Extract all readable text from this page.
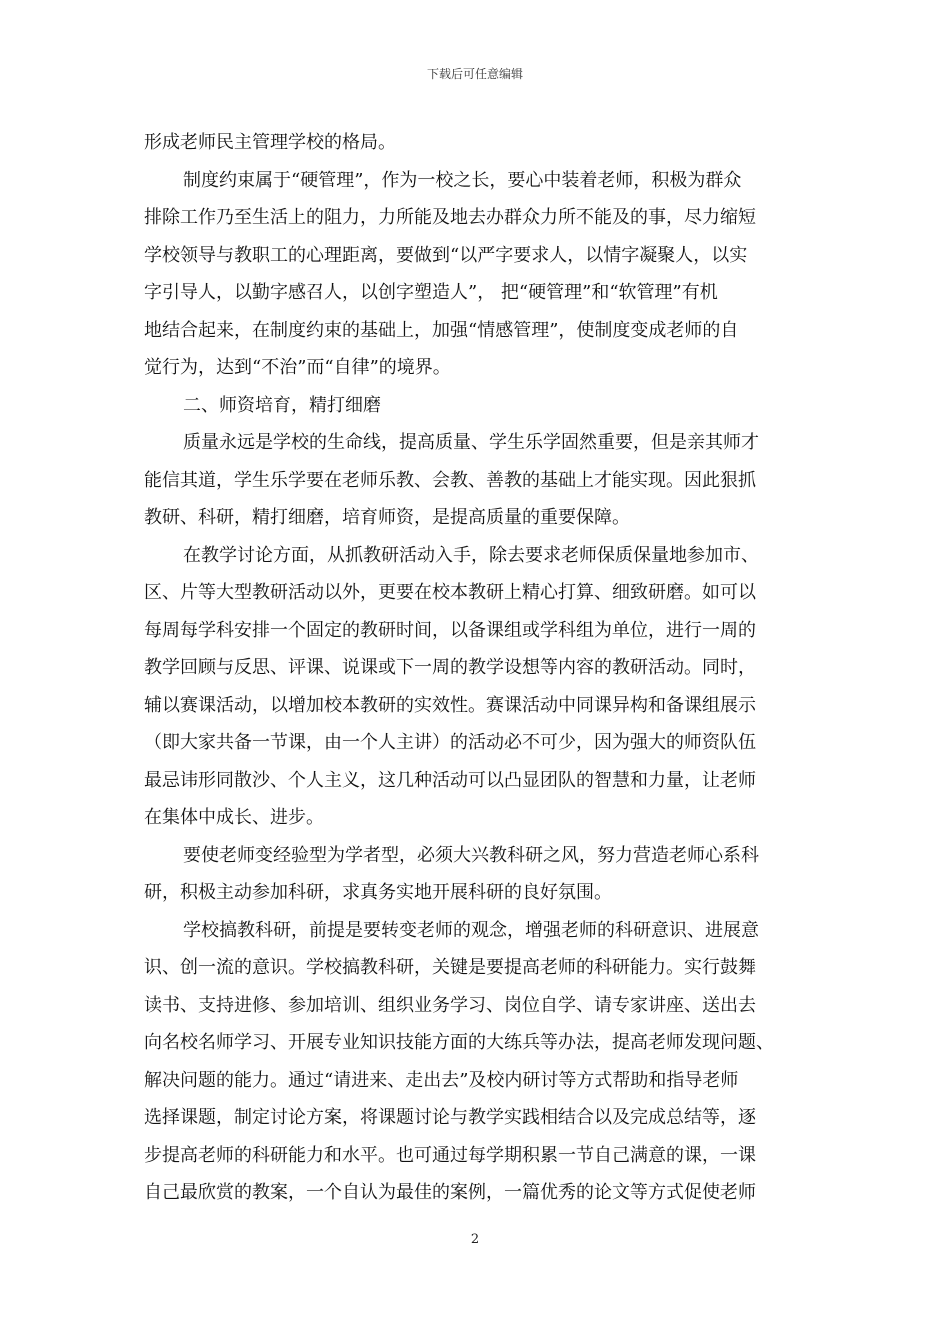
下载后可任意编辑
形成老师民主管理学校的格局。
制度约束属于“硬管理”，作为一校之长，要心中装着老师，积极为群众
排除工作乃至生活上的阻力，力所能及地去办群众力所不能及的事，尽力缩短
学校领导与教职工的心理距离，要做到“以严字要求人，以情字凝聚人，以实
字引导人，以勤字感召人，以创字塑造人”， 把“硬管理”和“软管理”有机
地结合起来，在制度约束的基础上，加强“情感管理”，使制度变成老师的自
觉行为，达到“不治”而“自律”的境界。
二、师资培育，精打细磨
质量永远是学校的生命线，提高质量、学生乐学固然重要，但是亲其师才
能信其道，学生乐学要在老师乐教、会教、善教的基础上才能实现。因此狠抓
教研、科研，精打细磨，培育师资，是提高质量的重要保障。
在教学讨论方面，从抓教研活动入手，除去要求老师保质保量地参加市、
区、片等大型教研活动以外，更要在校本教研上精心打算、细致研磨。如可以
每周每学科安排一个固定的教研时间，以备课组或学科组为单位，进行一周的
教学回顾与反思、评课、说课或下一周的教学设想等内容的教研活动。同时，
辅以赛课活动，以增加校本教研的实效性。赛课活动中同课异构和备课组展示
（即大家共备一节课，由一个人主讲）的活动必不可少，因为强大的师资队伍
最忌讳形同散沙、个人主义，这几种活动可以凸显团队的智慧和力量，让老师
在集体中成长、进步。
要使老师变经验型为学者型，必须大兴教科研之风，努力营造老师心系科
研，积极主动参加科研，求真务实地开展科研的良好氛围。
学校搞教科研，前提是要转变老师的观念，增强老师的科研意识、进展意
识、创一流的意识。学校搞教科研，关键是要提高老师的科研能力。实行鼓舞
读书、支持进修、参加培训、组织业务学习、岗位自学、请专家讲座、送出去
向名校名师学习、开展专业知识技能方面的大练兵等办法，提高老师发现问题、
解决问题的能力。通过“请进来、走出去”及校内研讨等方式帮助和指导老师
选择课题，制定讨论方案，将课题讨论与教学实践相结合以及完成总结等，逐
步提高老师的科研能力和水平。也可通过每学期积累一节自己满意的课，一课
自己最欣赏的教案，一个自认为最佳的案例，一篇优秀的论文等方式促使老师
2
